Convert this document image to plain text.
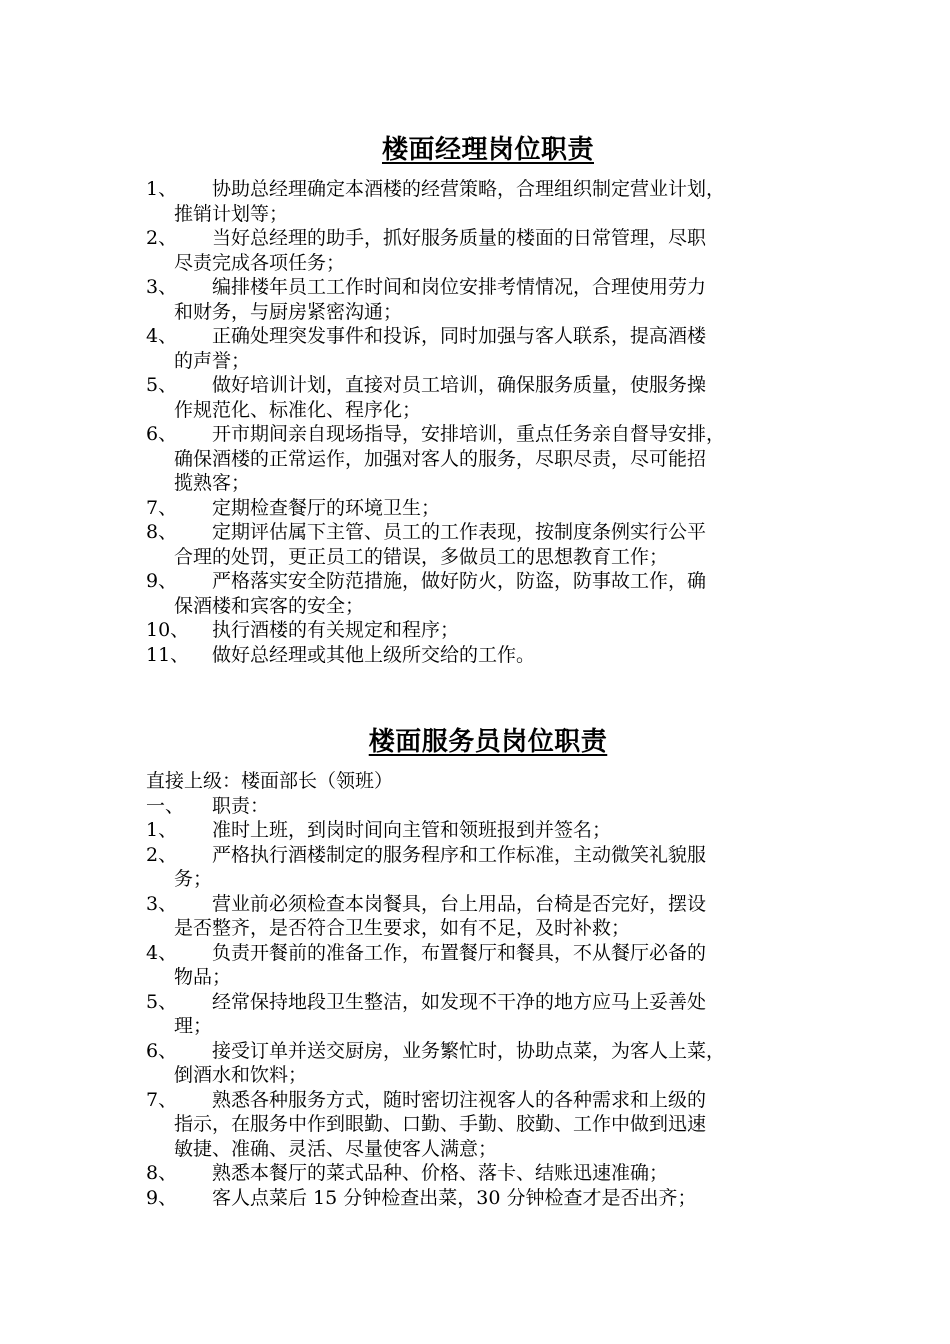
楼面经理岗位职责
1、	协助总经理确定本酒楼的经营策略，合理组织制定营业计划，
推销计划等；
2、	当好总经理的助手，抓好服务质量的楼面的日常管理，尽职
尽责完成各项任务；
3、	编排楼年员工工作时间和岗位安排考情情况，合理使用劳力
和财务，与厨房紧密沟通；
4、	正确处理突发事件和投诉，同时加强与客人联系，提高酒楼
的声誉；
5、	做好培训计划，直接对员工培训，确保服务质量，使服务操
作规范化、标准化、程序化；
6、	开市期间亲自现场指导，安排培训，重点任务亲自督导安排，
确保酒楼的正常运作，加强对客人的服务，尽职尽责，尽可能招
揽熟客；
7、	定期检查餐厅的环境卫生；
8、	定期评估属下主管、员工的工作表现，按制度条例实行公平
合理的处罚，更正员工的错误，多做员工的思想教育工作；
9、	严格落实安全防范措施，做好防火，防盗，防事故工作，确
保酒楼和宾客的安全；
10、	执行酒楼的有关规定和程序；
11、	做好总经理或其他上级所交给的工作。
楼面服务员岗位职责
直接上级：楼面部长（领班）
一、	职责：
1、	准时上班，到岗时间向主管和领班报到并签名；
2、	严格执行酒楼制定的服务程序和工作标准，主动微笑礼貌服
务；
3、	营业前必须检查本岗餐具，台上用品，台椅是否完好，摆设
是否整齐，是否符合卫生要求，如有不足，及时补救；
4、	负责开餐前的准备工作，布置餐厅和餐具，不从餐厅必备的
物品；
5、	经常保持地段卫生整洁，如发现不干净的地方应马上妥善处
理；
6、	接受订单并送交厨房，业务繁忙时，协助点菜，为客人上菜，
倒酒水和饮料；
7、	熟悉各种服务方式，随时密切注视客人的各种需求和上级的
指示，在服务中作到眼勤、口勤、手勤、胶勤、工作中做到迅速
敏捷、准确、灵活、尽量使客人满意；
8、	熟悉本餐厅的菜式品种、价格、落卡、结账迅速准确；
9、	客人点菜后 15 分钟检查出菜，30 分钟检查才是否出齐；
